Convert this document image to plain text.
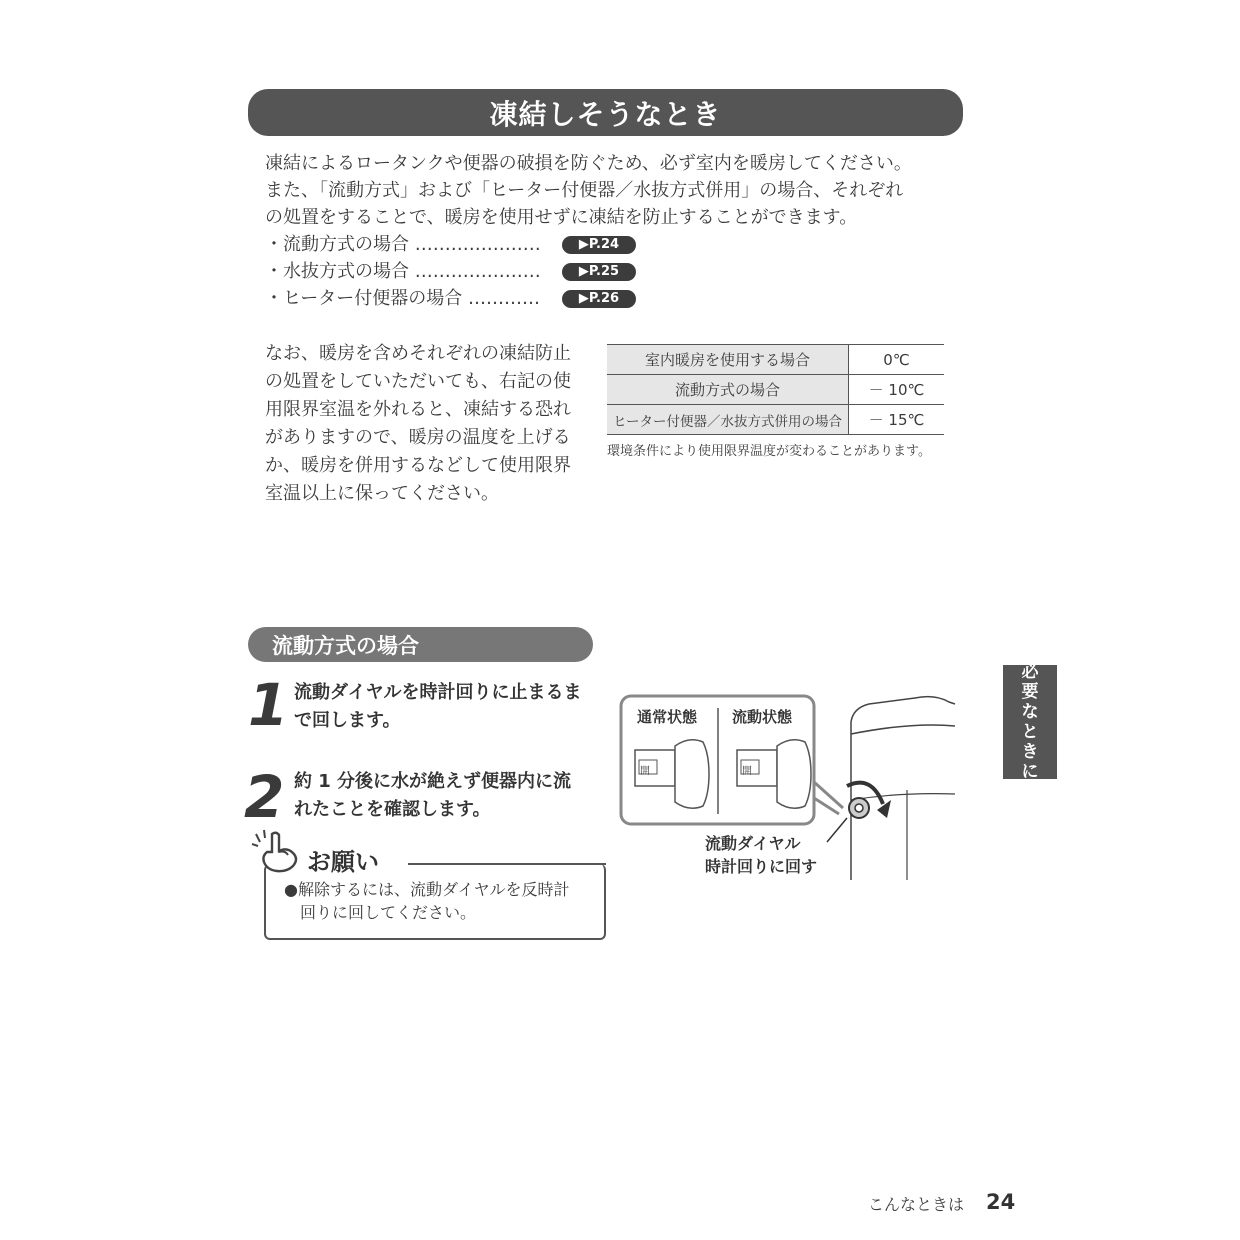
凍結しそうなとき

凍結によるロータンクや便器の破損を防ぐため、必ず室内を暖房してください。

また、「流動方式」および「ヒーター付便器／水抜方式併用」の場合、それぞれ

の処置をすることで、暖房を使用せずに凍結を防止することができます。

・流動方式の場合 …………………	▶P.24
・水抜方式の場合 …………………	▶P.25
・ヒーター付便器の場合 …………	▶P.26
なお、暖房を含めそれぞれの凍結防止
の処置をしていただいても、右記の使
用限界室温を外れると、凍結する恐れ
がありますので、暖房の温度を上げる
か、暖房を併用するなどして使用限界
室温以上に保ってください。
室内暖房を使用する場合	0℃
流動方式の場合	－ 10℃
ヒーター付便器／水抜方式併用の場合	－ 15℃
環境条件により使用限界温度が変わることがあります。
流動方式の場合
1 流動ダイヤルを時計回りに止まるま
で回します。
2 約 1 分後に水が絶えず便器内に流
れたことを確認します。
お願い
●解除するには、流動ダイヤルを反時計
　回りに回してください。
通常状態 流動状態
開	開
流動ダイヤル
時計回りに回す
必
要
な
と
き
に
こんなときは 24
